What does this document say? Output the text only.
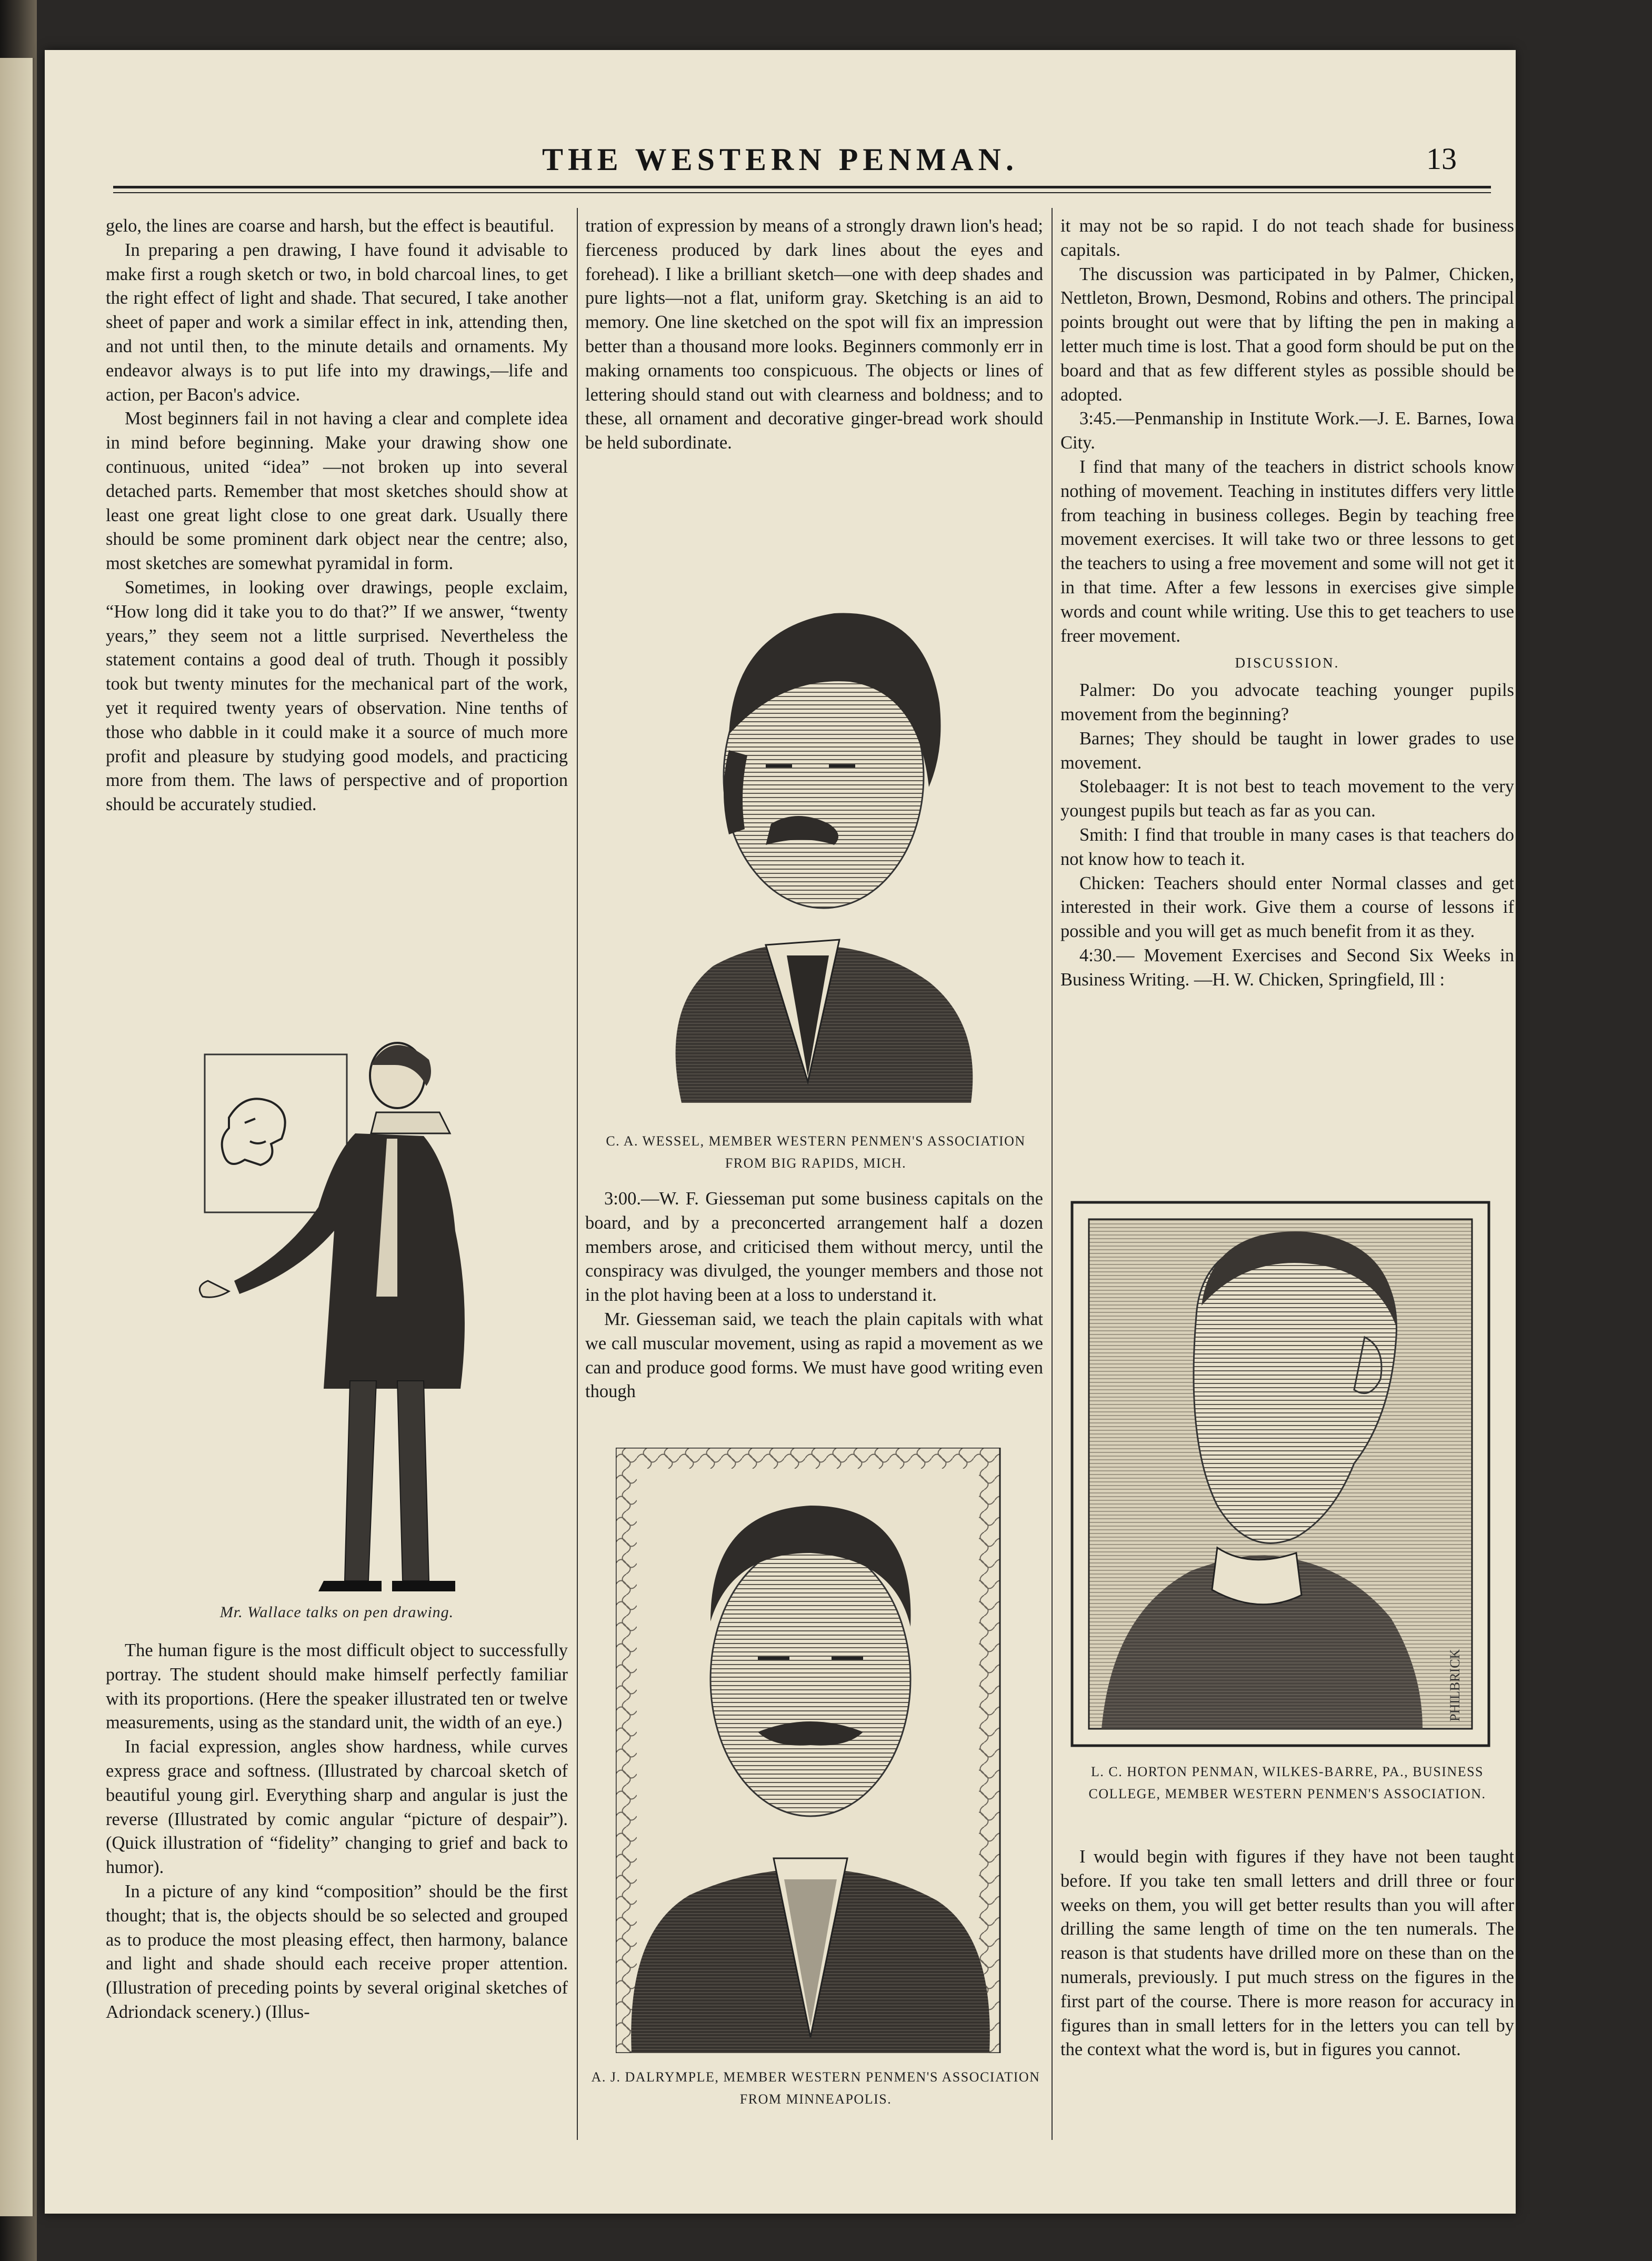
THE WESTERN PENMAN.	13

gelo, the lines are coarse and harsh, but the effect is beautiful.

In preparing a pen drawing, I have found it advisable to make first a rough sketch or two, in bold charcoal lines, to get the right effect of light and shade. That secured, I take another sheet of paper and work a similar effect in ink, attending then, and not until then, to the minute details and ornaments. My endeavor always is to put life into my drawings,—life and action, per Bacon's advice.

Most beginners fail in not having a clear and complete idea in mind before beginning. Make your drawing show one continuous, united “idea” —not broken up into several detached parts. Remember that most sketches should show at least one great light close to one great dark. Usually there should be some prominent dark object near the centre; also, most sketches are somewhat pyramidal in form.

Sometimes, in looking over drawings, people exclaim, “How long did it take you to do that?” If we answer, “twenty years,” they seem not a little surprised. Nevertheless the statement contains a good deal of truth. Though it possibly took but twenty minutes for the mechanical part of the work, yet it required twenty years of observation. Nine tenths of those who dabble in it could make it a source of much more profit and pleasure by studying good models, and practicing more from them. The laws of perspective and of proportion should be accurately studied.

Mr. Wallace talks on pen drawing.

The human figure is the most difficult object to successfully portray. The student should make himself perfectly familiar with its proportions. (Here the speaker illustrated ten or twelve measurements, using as the standard unit, the width of an eye.)

In facial expression, angles show hardness, while curves express grace and softness. (Illustrated by charcoal sketch of beautiful young girl. Everything sharp and angular is just the reverse (Illustrated by comic angular “picture of despair”). (Quick illustration of “fidelity” changing to grief and back to humor).

In a picture of any kind “composition” should be the first thought; that is, the objects should be so selected and grouped as to produce the most pleasing effect, then harmony, balance and light and shade should each receive proper attention. (Illustration of preceding points by several original sketches of Adriondack scenery.) (Illus-

tration of expression by means of a strongly drawn lion's head; fierceness produced by dark lines about the eyes and forehead). I like a brilliant sketch—one with deep shades and pure lights—not a flat, uniform gray. Sketching is an aid to memory. One line sketched on the spot will fix an impression better than a thousand more looks. Beginners commonly err in making ornaments too conspicuous. The objects or lines of lettering should stand out with clearness and boldness; and to these, all ornament and decorative ginger-bread work should be held subordinate.

C. A. WESSEL, MEMBER WESTERN PENMEN'S ASSOCIATION FROM BIG RAPIDS, MICH.

3:00.—W. F. Giesseman put some business capitals on the board, and by a preconcerted arrangement half a dozen members arose, and criticised them without mercy, until the conspiracy was divulged, the younger members and those not in the plot having been at a loss to understand it.

Mr. Giesseman said, we teach the plain capitals with what we call muscular movement, using as rapid a movement as we can and produce good forms. We must have good writing even though

A. J. DALRYMPLE, MEMBER WESTERN PENMEN'S ASSOCIATION FROM MINNEAPOLIS.

it may not be so rapid. I do not teach shade for business capitals.

The discussion was participated in by Palmer, Chicken, Nettleton, Brown, Desmond, Robins and others. The principal points brought out were that by lifting the pen in making a letter much time is lost. That a good form should be put on the board and that as few different styles as possible should be adopted.

3:45.—Penmanship in Institute Work.—J. E. Barnes, Iowa City.

I find that many of the teachers in district schools know nothing of movement. Teaching in institutes differs very little from teaching in business colleges. Begin by teaching free movement exercises. It will take two or three lessons to get the teachers to using a free movement and some will not get it in that time. After a few lessons in exercises give simple words and count while writing. Use this to get teachers to use freer movement.

DISCUSSION.

Palmer: Do you advocate teaching younger pupils movement from the beginning?

Barnes; They should be taught in lower grades to use movement.

Stolebaager: It is not best to teach movement to the very youngest pupils but teach as far as you can.

Smith: I find that trouble in many cases is that teachers do not know how to teach it.

Chicken: Teachers should enter Normal classes and get interested in their work. Give them a course of lessons if possible and you will get as much benefit from it as they.

4:30.— Movement Exercises and Second Six Weeks in Business Writing. —H. W. Chicken, Springfield, Ill :

PHILBRICK
L. C. HORTON PENMAN, WILKES-BARRE, PA., BUSINESS COLLEGE, MEMBER WESTERN PENMEN'S ASSOCIATION.

I would begin with figures if they have not been taught before. If you take ten small letters and drill three or four weeks on them, you will get better results than you will after drilling the same length of time on the ten numerals. The reason is that students have drilled more on these than on the numerals, previously. I put much stress on the figures in the first part of the course. There is more reason for accuracy in figures than in small letters for in the letters you can tell by the context what the word is, but in figures you cannot.
